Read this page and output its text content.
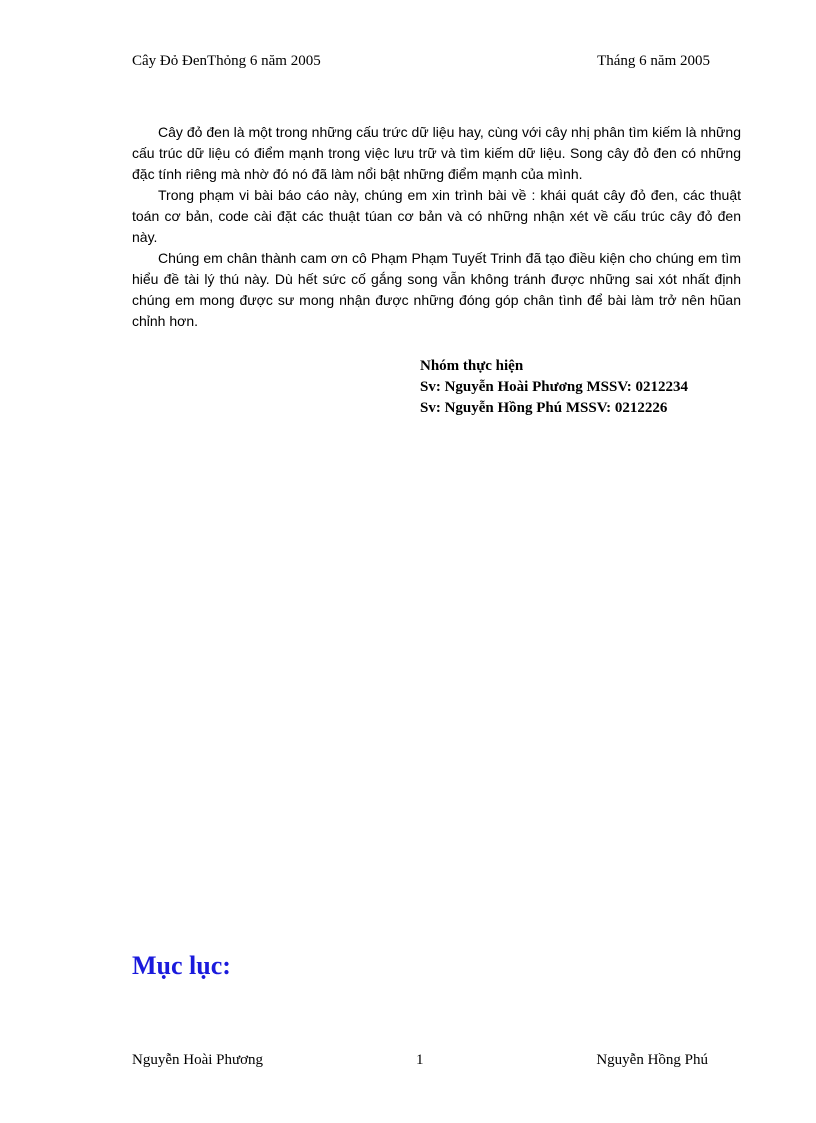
Cây Đỏ ĐenThỏng 6 năm 2005	Tháng 6 năm 2005

Cây đỏ đen là một trong những cấu trức dữ liệu hay, cùng với cây nhị phân tìm kiếm là những cấu trúc dữ liệu có điểm mạnh trong việc lưu trữ và tìm kiếm dữ liệu. Song cây đỏ đen có những đặc tính riêng mà nhờ đó nó đã làm nổi bật những điểm mạnh của mình.

Trong phạm vi bài báo cáo này, chúng em xin trình bài về : khái quát cây đỏ đen, các thuật toán cơ bản, code cài đặt các thuật túan cơ bản và có những nhận xét về cấu trúc cây đỏ đen này.

Chúng em chân thành cam ơn cô Phạm Phạm Tuyết Trinh đã tạo điều kiện cho chúng em tìm hiểu đề tài lý thú này. Dù hết sức cố gắng song vẫn không tránh được những sai xót nhất định chúng em mong được sư mong nhận được những đóng góp chân tình để bài làm trở nên hũan chỉnh hơn.

Nhóm thực hiện
Sv: Nguyễn Hoài Phương MSSV: 0212234
Sv: Nguyễn Hồng Phú MSSV: 0212226
Mục lục:
Nguyễn Hoài Phương	1	Nguyễn Hồng Phú
